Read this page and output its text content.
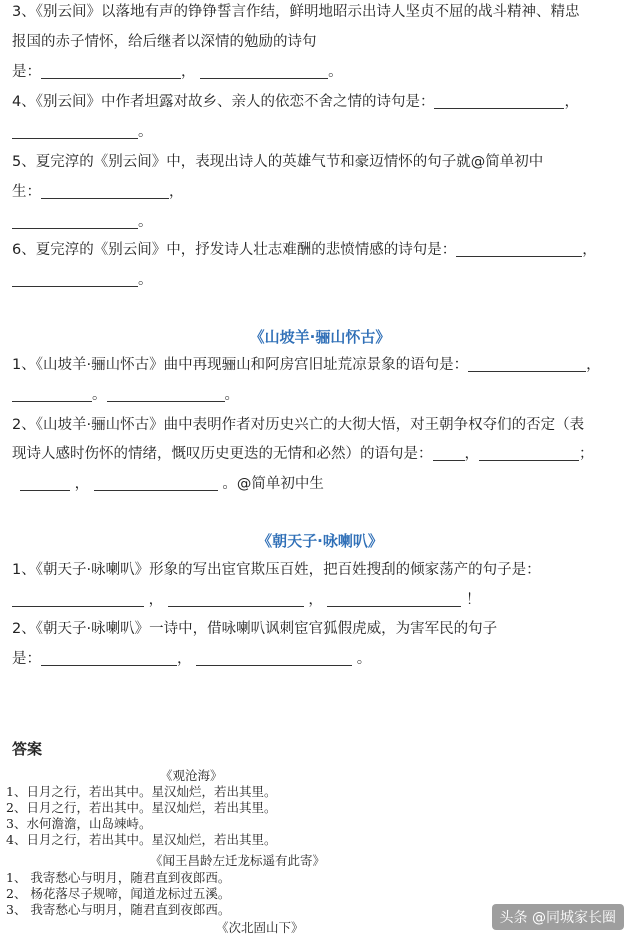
3、《别云间》以落地有声的铮铮誓言作结，鲜明地昭示出诗人坚贞不屈的战斗精神、精忠
报国的赤子情怀，给后继者以深情的勉励的诗句
是：	，	。
4、《别云间》中作者坦露对故乡、亲人的依恋不舍之情的诗句是：	，
。
5、夏完淳的《别云间》中，表现出诗人的英雄气节和豪迈情怀的句子就@简单初中
生：	，
。
6、夏完淳的《别云间》中，抒发诗人壮志难酬的悲愤情感的诗句是：	，
。
《山坡羊·骊山怀古》
1、《山坡羊·骊山怀古》曲中再现骊山和阿房宫旧址荒凉景象的语句是：	，
。	。
2、《山坡羊·骊山怀古》曲中表明作者对历史兴亡的大彻大悟，对王朝争权夺们的否定（表
现诗人感时伤怀的情绪，慨叹历史更迭的无情和必然）的语句是： ，	；
，	。@简单初中生
《朝天子·咏喇叭》
1、《朝天子·咏喇叭》形象的写出宦官欺压百姓，把百姓搜刮的倾家荡产的句子是：
，	，	！
2、《朝天子·咏喇叭》一诗中，借咏喇叭讽刺宦官狐假虎威，为害军民的句子
是：	，	。
答案
《观沧海》
1、日月之行，若出其中。星汉灿烂，若出其里。
2、日月之行，若出其中。星汉灿烂，若出其里。
3、水何澹澹，山岛竦峙。
4、日月之行，若出其中。星汉灿烂，若出其里。
《闻王昌龄左迁龙标遥有此寄》
1、 我寄愁心与明月，随君直到夜郎西。
2、 杨花落尽子规啼，闻道龙标过五溪。
3、 我寄愁心与明月，随君直到夜郎西。
《次北固山下》
头条 @同城家长圈
